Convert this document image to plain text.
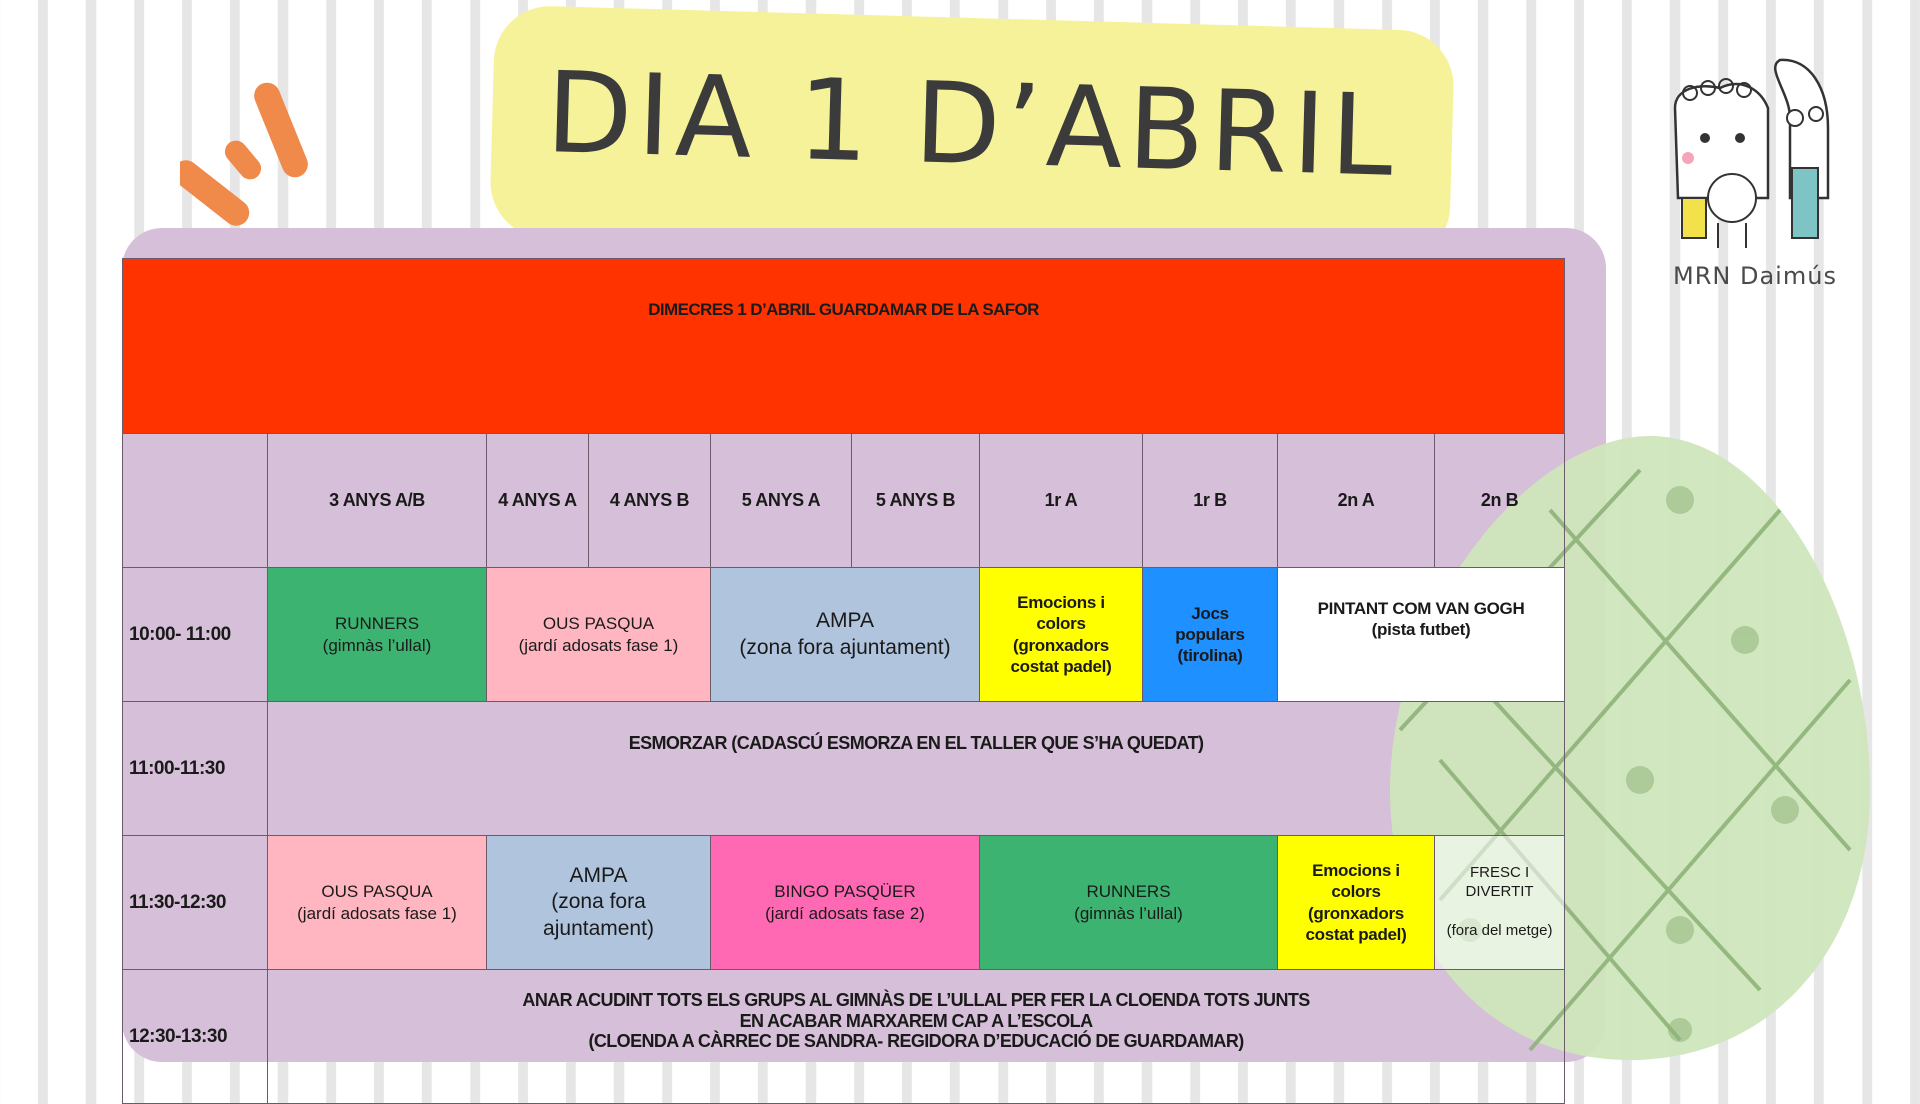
DIA 1 D’ABRIL
MRN Daimús
DIMECRES 1 D’ABRIL GUARDAMAR DE LA SAFOR									
	3 ANYS A/B	4 ANYS A	4 ANYS B	5 ANYS A	5 ANYS B	1r A	1r B	2n A	2n B
10:00- 11:00	RUNNERS
(gimnàs l’ullal)	OUS PASQUA
(jardí adosats fase 1)		AMPA
(zona fora ajuntament)		Emocions i
colors
(gronxadors
costat padel)	Jocs
populars
(tirolina)	PINTANT COM VAN GOGH
(pista futbet)	

11:00-11:30	ESMORZAR (CADASCÚ ESMORZA EN EL TALLER QUE S’HA QUEDAT)								
11:30-12:30	OUS PASQUA
(jardí adosats fase 1)	AMPA
(zona fora
ajuntament)		BINGO PASQÜER
(jardí adosats fase 2)		RUNNERS
(gimnàs l’ullal)		Emocions i
colors
(gronxadors
costat padel)	FRESC I
DIVERTIT
(fora del metge)

12:30-13:30	ANAR ACUDINT TOTS ELS GRUPS AL GIMNÀS DE L’ULLAL PER FER LA CLOENDA TOTS JUNTS
EN ACABAR MARXAREM CAP A L’ESCOLA
(CLOENDA A CÀRREC DE SANDRA- REGIDORA D’EDUCACIÓ DE GUARDAMAR)								
